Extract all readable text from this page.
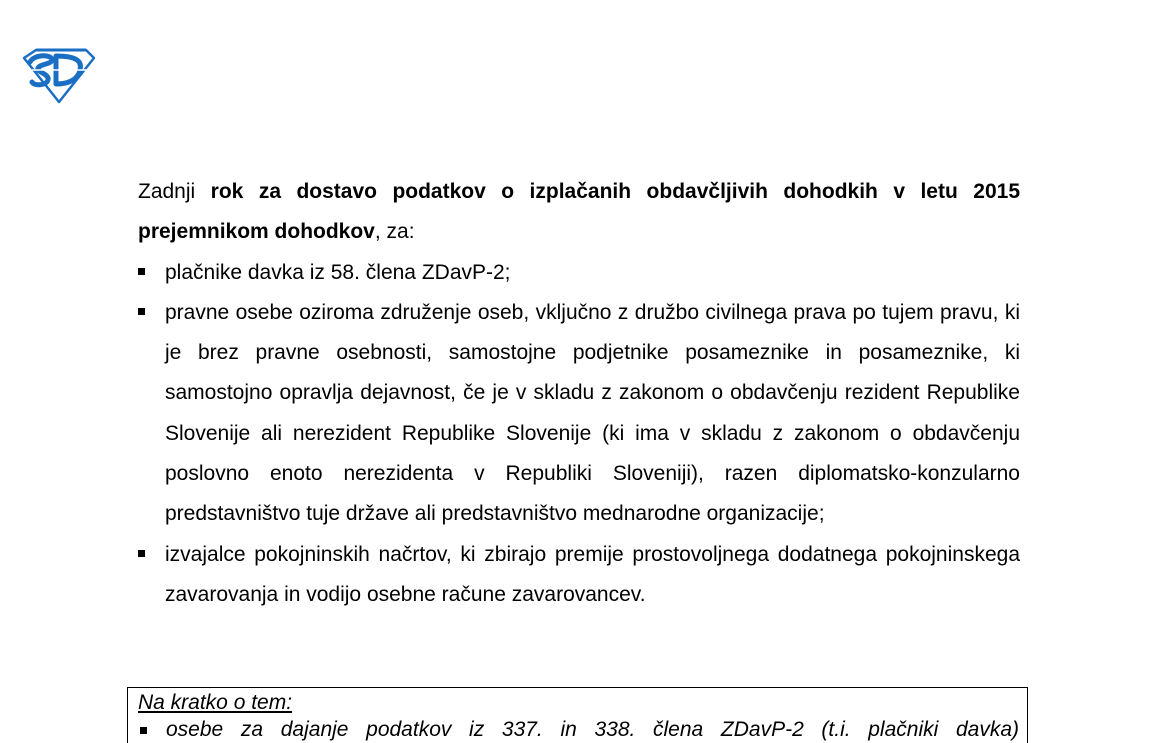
Zadnji rok za dostavo podatkov o izplačanih obdavčljivih dohodkih v letu 2015 prejemnikom dohodkov, za:

plačnike davka iz 58. člena ZDavP-2;
pravne osebe oziroma združenje oseb, vključno z družbo civilnega prava po tujem pravu, ki je brez pravne osebnosti, samostojne podjetnike posameznike in posameznike, ki samostojno opravlja dejavnost, če je v skladu z zakonom o obdavčenju rezident Republike Slovenije ali nerezident Republike Slovenije (ki ima v skladu z zakonom o obdavčenju poslovno enoto nerezidenta v Republiki Sloveniji), razen diplomatsko-konzularno predstavništvo tuje države ali predstavništvo mednarodne organizacije;
izvajalce pokojninskih načrtov, ki zbirajo premije prostovoljnega dodatnega pokojninskega zavarovanja in vodijo osebne račune zavarovancev.
Na kratko o tem:
osebe za dajanje podatkov iz 337. in 338. člena ZDavP-2 (t.i. plačniki davka)
